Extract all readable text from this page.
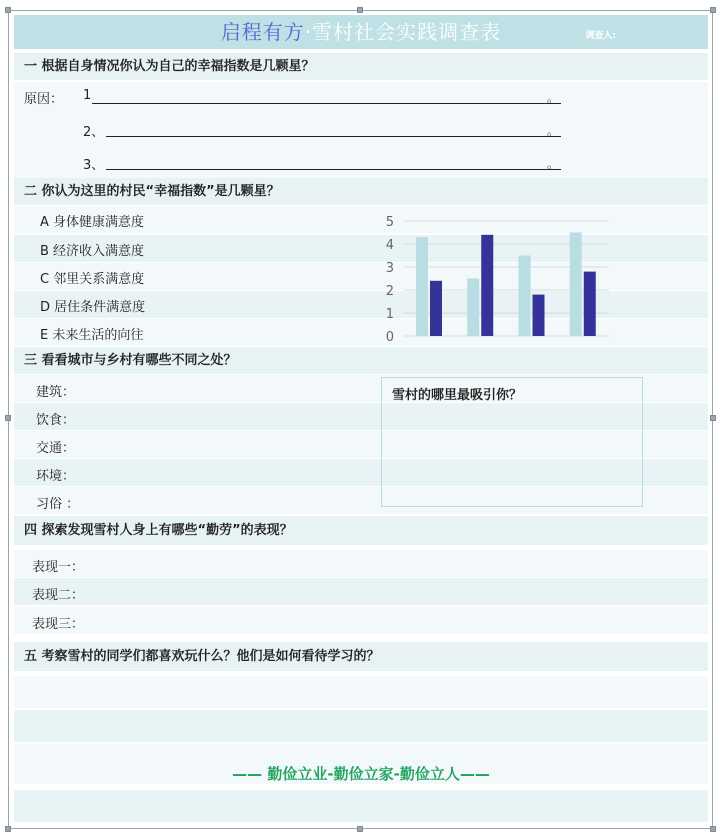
启程有方·雪村社会实践调查表	调查人:
一 根据自身情况你认为自己的幸福指数是几颗星？
原因： 1	。
2、	。
3、	。
二 你认为这里的村民“幸福指数”是几颗星？
A 身体健康满意度
B 经济收入满意度
C 邻里关系满意度
D 居住条件满意度
E 未来生活的向往	0
1
2
3
4
5
三 看看城市与乡村有哪些不同之处？
建筑：
饮食：
交通：
环境：
习俗 ：
雪村的哪里最吸引你？
四 探索发现雪村人身上有哪些“勤劳”的表现？
表现一：
表现二：
表现三：
五 考察雪村的同学们都喜欢玩什么？他们是如何看待学习的？
—— 勤俭立业-勤俭立家-勤俭立人——
